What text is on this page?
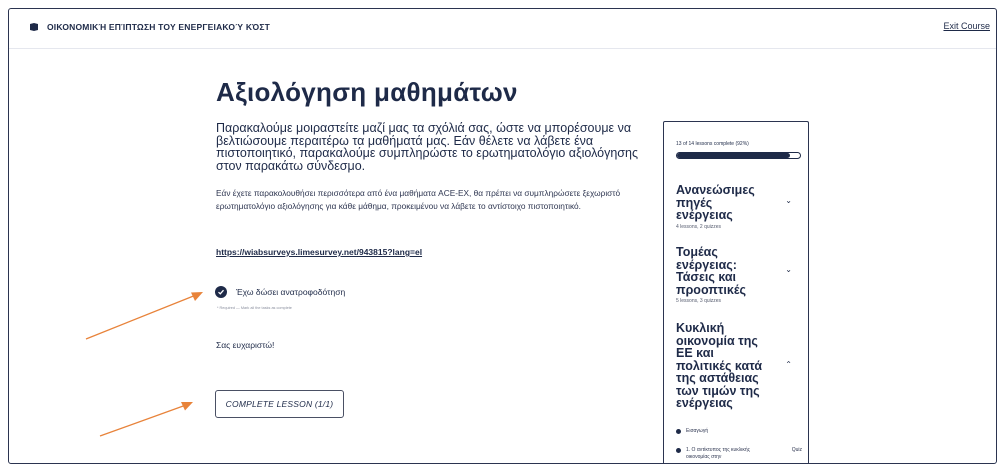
ΟΙΚΟΝΟΜΙΚΉ ΕΠΊΠΤΩΣΗ ΤΟΥ ΕΝΕΡΓΕΙΑΚΟΎ ΚΌΣΤ	Exit Course
Αξιολόγηση μαθημάτων

Παρακαλούμε μοιραστείτε μαζί μας τα σχόλιά σας, ώστε να μπορέσουμε να βελτιώσουμε περαιτέρω τα μαθήματά μας. Εάν θέλετε να λάβετε ένα πιστοποιητικό, παρακαλούμε συμπληρώστε το ερωτηματολόγιο αξιολόγησης στον παρακάτω σύνδεσμο.

Εάν έχετε παρακολουθήσει περισσότερα από ένα μαθήματα ACE-EX, θα πρέπει να συμπληρώσετε ξεχωριστό ερωτηματολόγιο αξιολόγησης για κάθε μάθημα, προκειμένου να λάβετε το αντίστοιχο πιστοποιητικό.

https://wiabsurveys.limesurvey.net/943815?lang=el
Έχω δώσει ανατροφοδότηση
* Required — Mark all the tasks as complete

Σας ευχαριστώ!

COMPLETE LESSON (1/1)
13 of 14 lessons complete (92%)
Ανανεώσιμες πηγές ενέργειας
4 lessons, 2 quizzes
⌄
Τομέας ενέργειας: Τάσεις και προοπτικές
5 lessons, 3 quizzes
⌄
Κυκλική οικονομία της ΕΕ και πολιτικές κατά της αστάθειας των τιμών της ενέργειας
⌃
Εισαγωγή
1. Ο αντίκτυπος της κυκλικής οικονομίας στην
Quiz
